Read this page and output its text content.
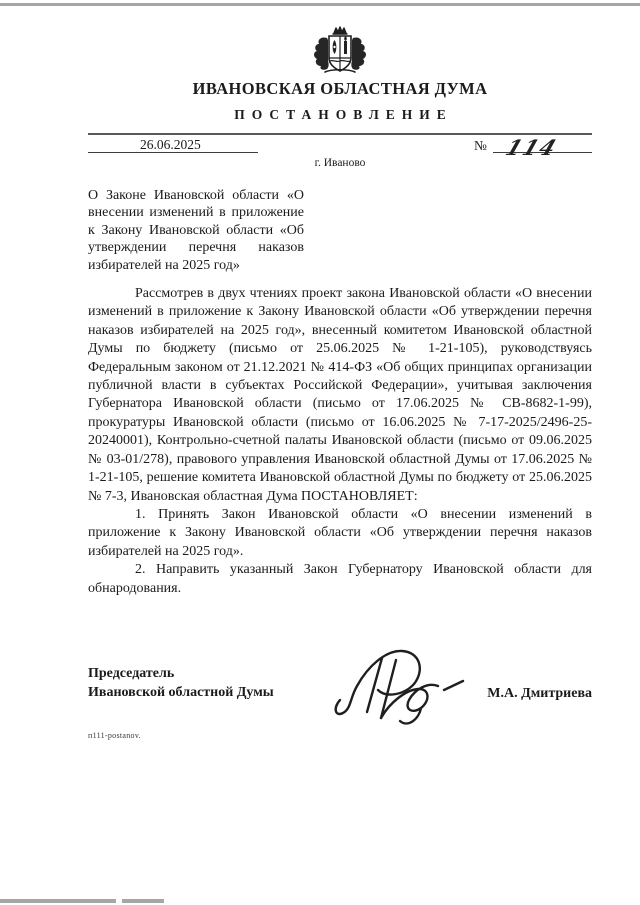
ИВАНОВСКАЯ ОБЛАСТНАЯ ДУМА
ПОСТАНОВЛЕНИЕ
26.06.2025	№ 114
г. Иваново
О Законе Ивановской области «О внесении изменений в приложение к Закону Ивановской области «Об утверждении перечня наказов избирателей на 2025 год»

Рассмотрев в двух чтениях проект закона Ивановской области «О внесении изменений в приложение к Закону Ивановской области «Об утверждении перечня наказов избирателей на 2025 год», внесенный комитетом Ивановской областной Думы по бюджету (письмо от 25.06.2025 № 1-21-105), руководствуясь Федеральным законом от 21.12.2021 № 414-ФЗ «Об общих принципах организации публичной власти в субъектах Российской Федерации», учитывая заключения Губернатора Ивановской области (письмо от 17.06.2025 № СВ-8682-1-99), прокуратуры Ивановской области (письмо от 16.06.2025 № 7-17-2025/2496-25-20240001), Контрольно-счетной палаты Ивановской области (письмо от 09.06.2025 № 03-01/278), правового управления Ивановской областной Думы от 17.06.2025 № 1-21-105, решение комитета Ивановской областной Думы по бюджету от 25.06.2025 № 7-3, Ивановская областная Дума ПОСТАНОВЛЯЕТ:

1. Принять Закон Ивановской области «О внесении изменений в приложение к Закону Ивановской области «Об утверждении перечня наказов избирателей на 2025 год».

2. Направить указанный Закон Губернатору Ивановской области для обнародования.

Председатель
Ивановской областной Думы	М.А. Дмитриева
п111-postanov.
